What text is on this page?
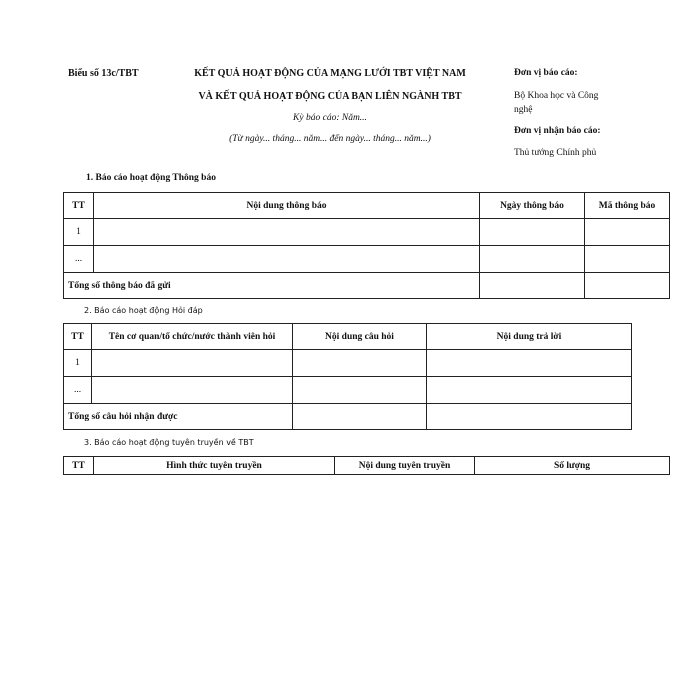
Biểu số 13c/TBT	KẾT QUẢ HOẠT ĐỘNG CỦA MẠNG LƯỚI TBT VIỆT NAM
VÀ KẾT QUẢ HOẠT ĐỘNG CỦA BẠN LIÊN NGÀNH TBT
Kỳ báo cáo: Năm...
(Từ ngày... tháng... năm... đến ngày... tháng... năm...)
Đơn vị báo cáo:
Bộ Khoa học và Công
nghệ
Đơn vị nhận báo cáo:
Thủ tướng Chính phủ
1. Báo cáo hoạt động Thông báo
TT	Nội dung thông báo	Ngày thông báo	Mã thông báo
1			
...			
Tổng số thông báo đã gửi			
2. Báo cáo hoạt động Hỏi đáp
TT	Tên cơ quan/tổ chức/nước thành viên hỏi	Nội dung câu hỏi	Nội dung trả lời
1			
...			
Tổng số câu hỏi nhận được			
3. Báo cáo hoạt động tuyên truyền về TBT
TT	Hình thức tuyên truyền	Nội dung tuyên truyền	Số lượng
